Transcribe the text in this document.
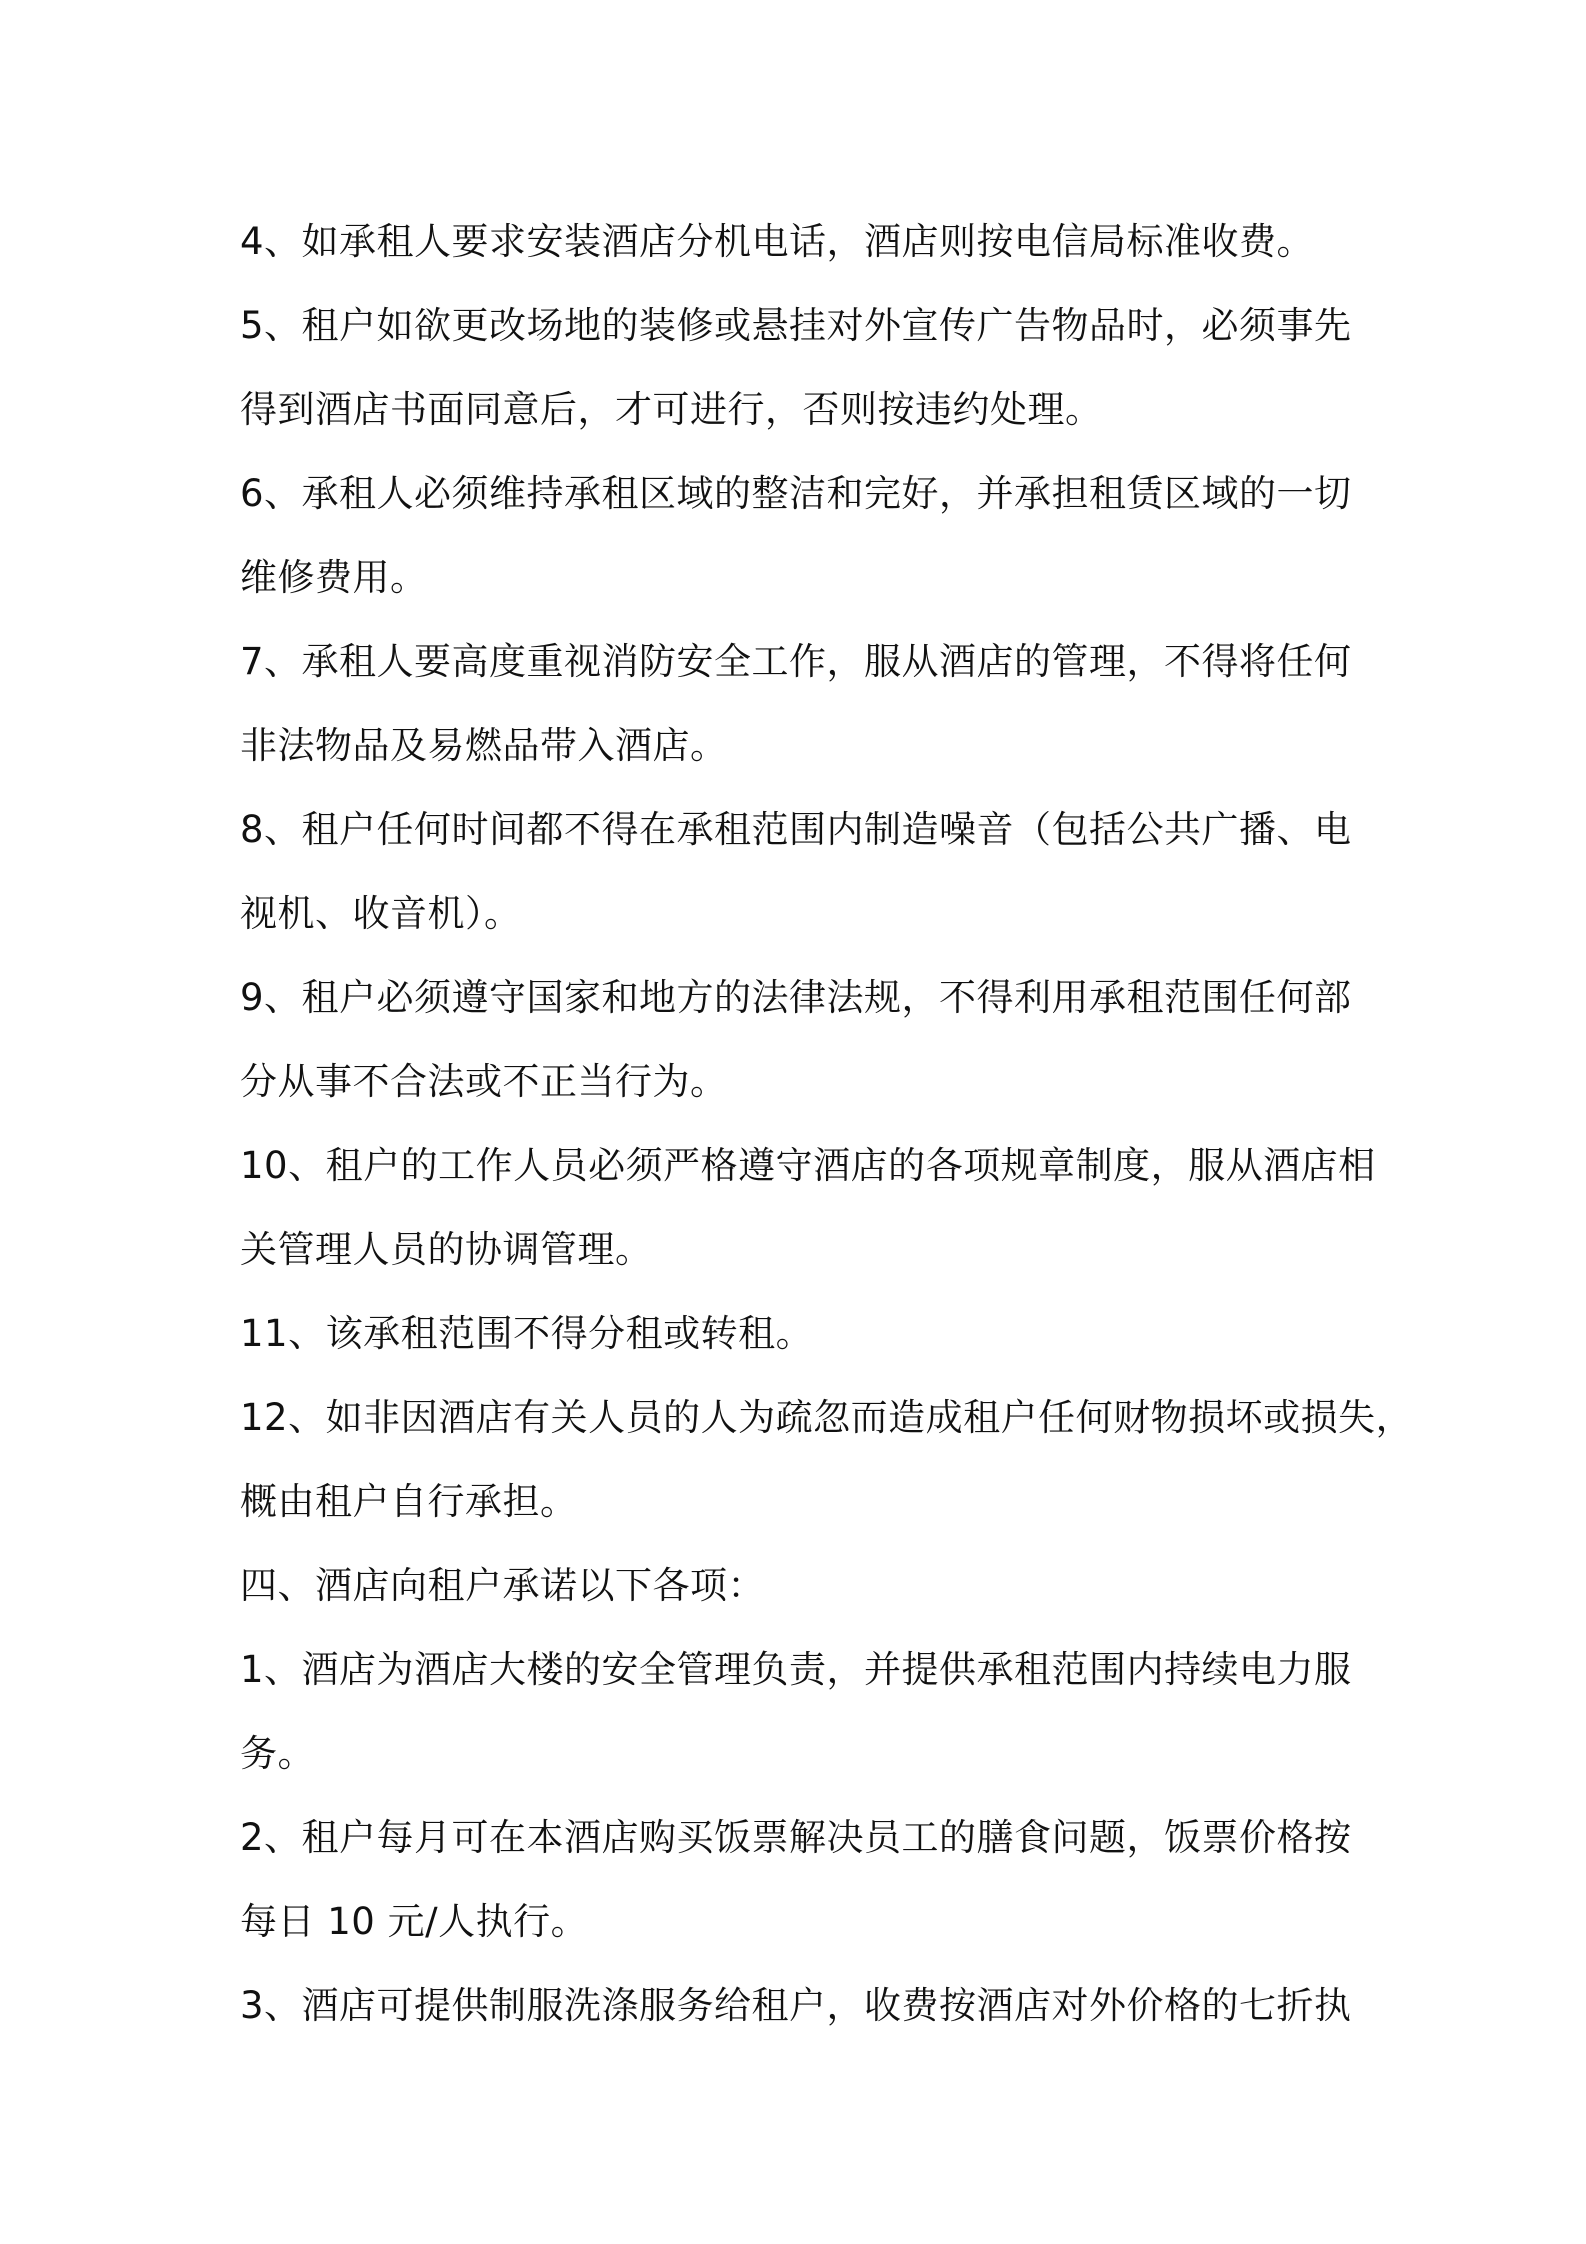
4、如承租人要求安装酒店分机电话，酒店则按电信局标准收费。
5、租户如欲更改场地的装修或悬挂对外宣传广告物品时，必须事先
得到酒店书面同意后，才可进行，否则按违约处理。
6、承租人必须维持承租区域的整洁和完好，并承担租赁区域的一切
维修费用。
7、承租人要高度重视消防安全工作，服从酒店的管理，不得将任何
非法物品及易燃品带入酒店。
8、租户任何时间都不得在承租范围内制造噪音（包括公共广播、电
视机、收音机）。
9、租户必须遵守国家和地方的法律法规，不得利用承租范围任何部
分从事不合法或不正当行为。
10、租户的工作人员必须严格遵守酒店的各项规章制度，服从酒店相
关管理人员的协调管理。
11、该承租范围不得分租或转租。
12、如非因酒店有关人员的人为疏忽而造成租户任何财物损坏或损失，
概由租户自行承担。
四、酒店向租户承诺以下各项：
1、酒店为酒店大楼的安全管理负责，并提供承租范围内持续电力服
务。
2、租户每月可在本酒店购买饭票解决员工的膳食问题，饭票价格按
每日 10 元/人执行。
3、酒店可提供制服洗涤服务给租户，收费按酒店对外价格的七折执
